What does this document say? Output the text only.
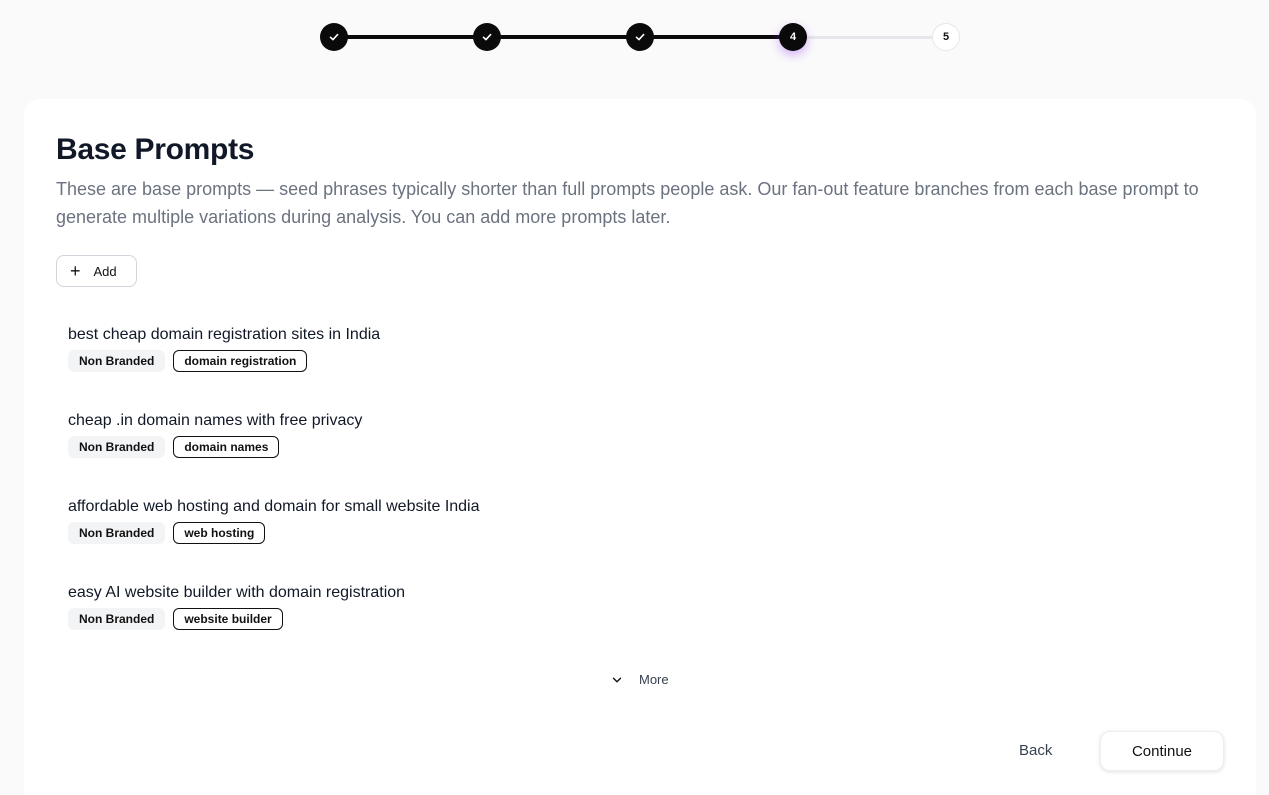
4	5
Base Prompts

These are base prompts — seed phrases typically shorter than full prompts people ask. Our fan-out feature branches from each base prompt to generate multiple variations during analysis. You can add more prompts later.

+ Add
best cheap domain registration sites in India
Non Branded	domain registration
cheap .in domain names with free privacy
Non Branded	domain names
affordable web hosting and domain for small website India
Non Branded	web hosting
easy AI website builder with domain registration
Non Branded	website builder
More
Back	Continue
